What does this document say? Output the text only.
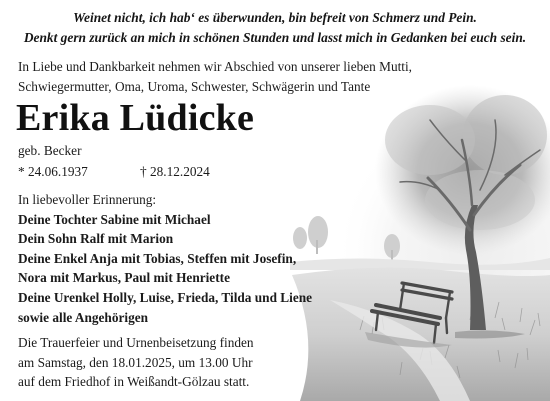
Weinet nicht, ich hab‘ es überwunden, bin befreit von Schmerz und Pein.
Denkt gern zurück an mich in schönen Stunden und lasst mich in Gedanken bei euch sein.
In Liebe und Dankbarkeit nehmen wir Abschied von unserer lieben Mutti,
Schwiegermutter, Oma, Uroma, Schwester, Schwägerin und Tante
Erika Lüdicke
geb. Becker
* 24.06.1937	† 28.12.2024
In liebevoller Erinnerung:
Deine Tochter Sabine mit Michael
Dein Sohn Ralf mit Marion
Deine Enkel Anja mit Tobias, Steffen mit Josefin,
Nora mit Markus, Paul mit Henriette
Deine Urenkel Holly, Luise, Frieda, Tilda und Liene
sowie alle Angehörigen
Die Trauerfeier und Urnenbeisetzung finden
am Samstag, den 18.01.2025, um 13.00 Uhr
auf dem Friedhof in Weißandt-Gölzau statt.
